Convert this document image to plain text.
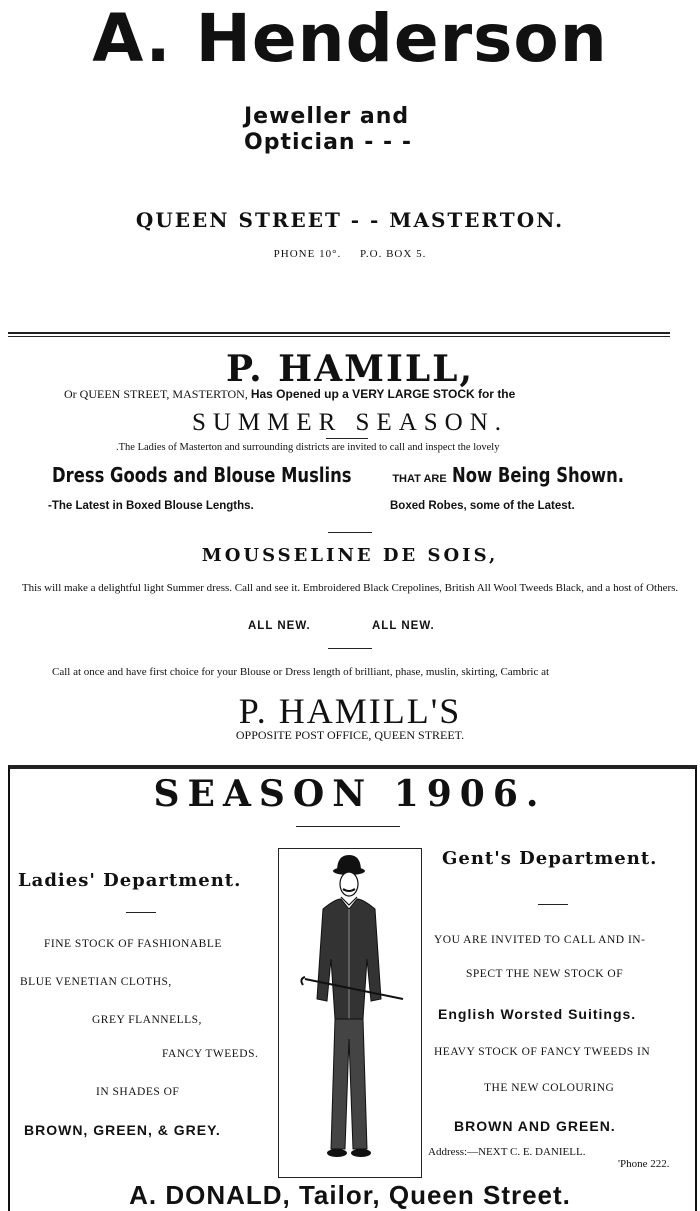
A. Henderson
Jeweller and
Optician - - -
QUEEN STREET - - MASTERTON.
PHONE 10°. P.O. BOX 5.
P. HAMILL,
Or QUEEN STREET, MASTERTON, Has Opened up a VERY LARGE STOCK for the
SUMMER SEASON.
.The Ladies of Masterton and surrounding districts are invited to call and inspect the lovely
Dress Goods and Blouse Muslins	THAT ARE Now Being Shown.
-The Latest in Boxed Blouse Lengths.	Boxed Robes, some of the Latest.
MOUSSELINE DE SOIS,
This will make a delightful light Summer dress. Call and see it. Embroidered Black Crepolines, British All Wool Tweeds Black, and a host of Others.
ALL NEW.	ALL NEW.
Call at once and have first choice for your Blouse or Dress length of brilliant, phase, muslin, skirting, Cambric at
P. HAMILL'S
OPPOSITE POST OFFICE, QUEEN STREET.
SEASON 1906.
Ladies' Department.
FINE STOCK OF FASHIONABLE
BLUE VENETIAN CLOTHS,
GREY FLANNELLS,
FANCY TWEEDS.
IN SHADES OF
BROWN, GREEN, & GREY.
Gent's Department.
YOU ARE INVITED TO CALL AND IN-
SPECT THE NEW STOCK OF
English Worsted Suitings.
HEAVY STOCK OF FANCY TWEEDS IN
THE NEW COLOURING
BROWN AND GREEN.
Address:—NEXT C. E. DANIELL.
'Phone 222.
A. DONALD, Tailor, Queen Street.
